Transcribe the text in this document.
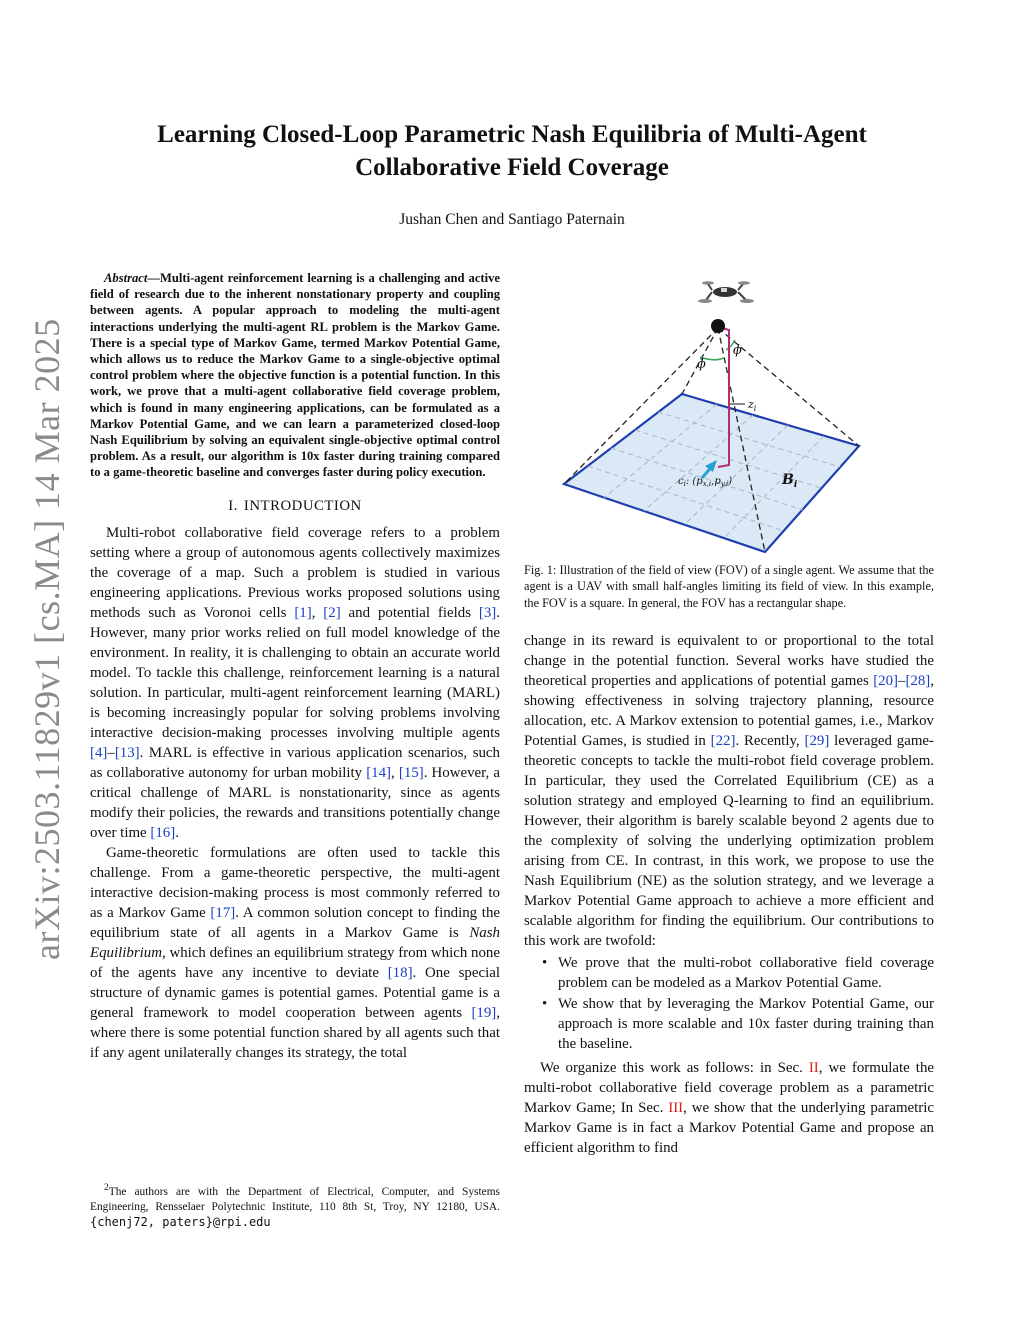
arXiv:2503.11829v1 [cs.MA] 14 Mar 2025
Learning Closed-Loop Parametric Nash Equilibria of Multi-Agent
Collaborative Field Coverage
Jushan Chen and Santiago Paternain

Abstract—Multi-agent reinforcement learning is a challenging and active field of research due to the inherent nonstationary property and coupling between agents. A popular approach to modeling the multi-agent interactions underlying the multi-agent RL problem is the Markov Game. There is a special type of Markov Game, termed Markov Potential Game, which allows us to reduce the Markov Game to a single-objective optimal control problem where the objective function is a potential function. In this work, we prove that a multi-agent collaborative field coverage problem, which is found in many engineering applications, can be formulated as a Markov Potential Game, and we can learn a parameterized closed-loop Nash Equilibrium by solving an equivalent single-objective optimal control problem. As a result, our algorithm is 10x faster during training compared to a game-theoretic baseline and converges faster during policy execution.

I. INTRODUCTION

Multi-robot collaborative field coverage refers to a problem setting where a group of autonomous agents collectively maximizes the coverage of a map. Such a problem is studied in various engineering applications. Previous works proposed solutions using methods such as Voronoi cells [1], [2] and potential fields [3]. However, many prior works relied on full model knowledge of the environment. In reality, it is challenging to obtain an accurate world model. To tackle this challenge, reinforcement learning is a natural solution. In particular, multi-agent reinforcement learning (MARL) is becoming increasingly popular for solving problems involving interactive decision-making processes involving multiple agents [4]–[13]. MARL is effective in various application scenarios, such as collaborative autonomy for urban mobility [14], [15]. However, a critical challenge of MARL is nonstationarity, since as agents modify their policies, the rewards and transitions potentially change over time [16].

Game-theoretic formulations are often used to tackle this challenge. From a game-theoretic perspective, the multi-agent interactive decision-making process is most commonly referred to as a Markov Game [17]. A common solution concept to finding the equilibrium state of all agents in a Markov Game is Nash Equilibrium, which defines an equilibrium strategy from which none of the agents have any incentive to deviate [18]. One special structure of dynamic games is potential games. Potential game is a general framework to model cooperation between agents [19], where there is some potential function shared by all agents such that if any agent unilaterally changes its strategy, the total

$^2$The authors are with the Department of Electrical, Computer, and Systems Engineering, Rensselaer Polytechnic Institute, 110 8th St, Troy, NY 12180, USA. {chenj72, paters}@rpi.edu
ϕ
ϕ
$z_i$
$c_i$: $(p_{x,i},p_{y,i})$	$B_i$

Fig. 1: Illustration of the field of view (FOV) of a single agent. We assume that the agent is a UAV with small half-angles limiting its field of view. In this example, the FOV is a square. In general, the FOV has a rectangular shape.

change in its reward is equivalent to or proportional to the total change in the potential function. Several works have studied the theoretical properties and applications of potential games [20]–[28], showing effectiveness in solving trajectory planning, resource allocation, etc. A Markov extension to potential games, i.e., Markov Potential Games, is studied in [22]. Recently, [29] leveraged game-theoretic concepts to tackle the multi-robot field coverage problem. In particular, they used the Correlated Equilibrium (CE) as a solution strategy and employed Q-learning to find an equilibrium. However, their algorithm is barely scalable beyond 2 agents due to the complexity of solving the underlying optimization problem arising from CE. In contrast, in this work, we propose to use the Nash Equilibrium (NE) as the solution strategy, and we leverage a Markov Potential Game approach to achieve a more efficient and scalable algorithm for finding the equilibrium. Our contributions to this work are twofold:

• We prove that the multi-robot collaborative field coverage problem can be modeled as a Markov Potential Game.
• We show that by leveraging the Markov Potential Game, our approach is more scalable and 10x faster during training than the baseline.

We organize this work as follows: in Sec. II, we formulate the multi-robot collaborative field coverage problem as a parametric Markov Game; In Sec. III, we show that the underlying parametric Markov Game is in fact a Markov Potential Game and propose an efficient algorithm to find
